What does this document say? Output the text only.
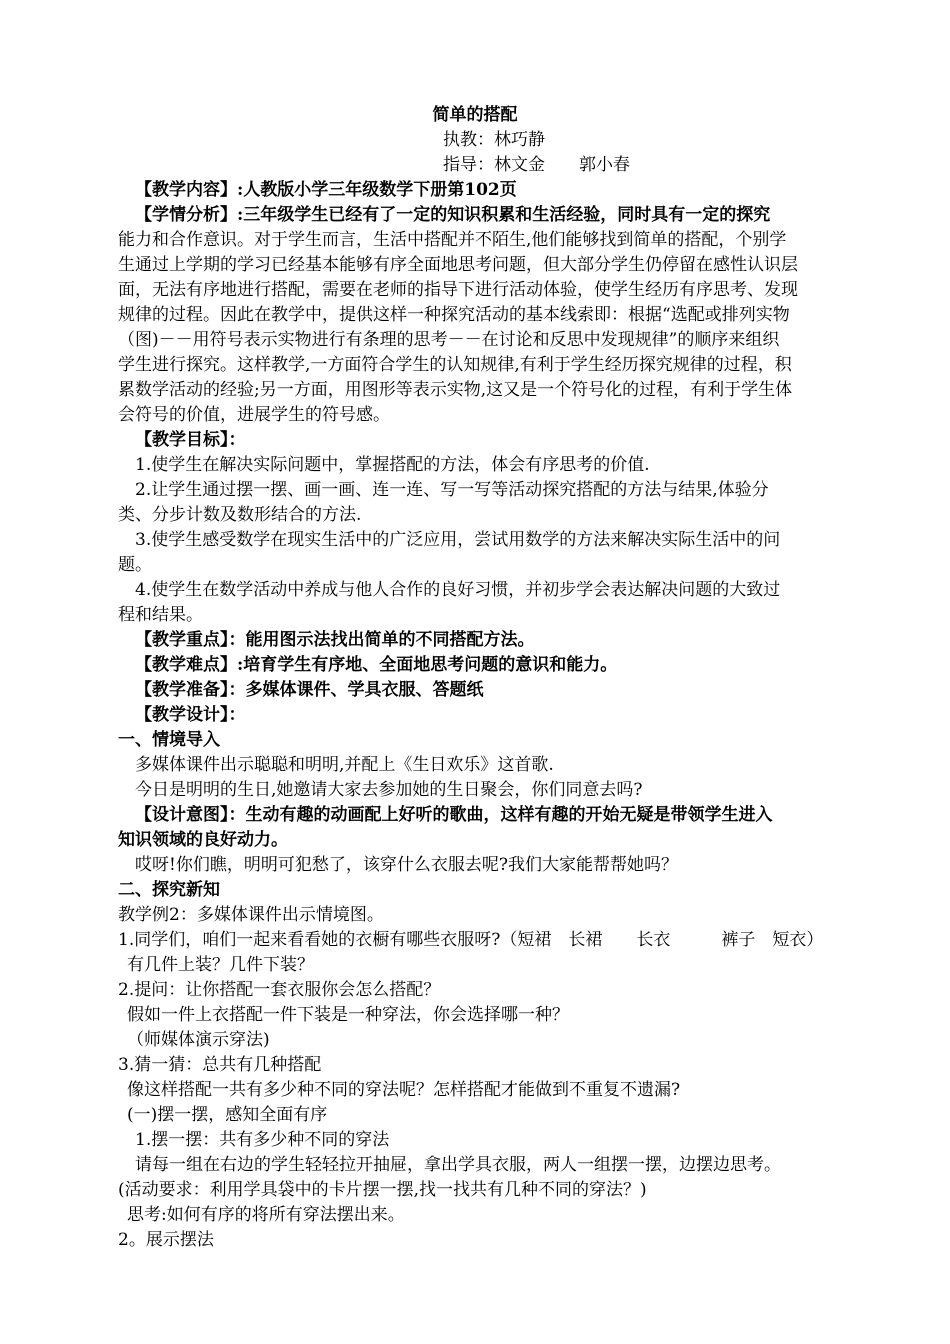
简单的搭配
执教：林巧静
指导：林文金　　郭小春
【教学内容】:人教版小学三年级数学下册第102页
【学情分析】:三年级学生已经有了一定的知识积累和生活经验，同时具有一定的探究
能力和合作意识。对于学生而言，生活中搭配并不陌生,他们能够找到简单的搭配，个别学
生通过上学期的学习已经基本能够有序全面地思考问题，但大部分学生仍停留在感性认识层
面，无法有序地进行搭配，需要在老师的指导下进行活动体验，使学生经历有序思考、发现
规律的过程。因此在教学中，提供这样一种探究活动的基本线索即：根据“选配或排列实物
（图)－－用符号表示实物进行有条理的思考－－在讨论和反思中发现规律”的顺序来组织
学生进行探究。这样教学,一方面符合学生的认知规律,有利于学生经历探究规律的过程，积
累数学活动的经验;另一方面，用图形等表示实物,这又是一个符号化的过程，有利于学生体
会符号的价值，进展学生的符号感。
【教学目标】：
1.使学生在解决实际问题中，掌握搭配的方法，体会有序思考的价值.
2.让学生通过摆一摆、画一画、连一连、写一写等活动探究搭配的方法与结果,体验分
类、分步计数及数形结合的方法.
3.使学生感受数学在现实生活中的广泛应用，尝试用数学的方法来解决实际生活中的问
题。
4.使学生在数学活动中养成与他人合作的良好习惯，并初步学会表达解决问题的大致过
程和结果。
【教学重点】：能用图示法找出简单的不同搭配方法。
【教学难点】:培育学生有序地、全面地思考问题的意识和能力。
【教学准备】：多媒体课件、学具衣服、答题纸
【教学设计】：
一、情境导入
多媒体课件出示聪聪和明明,并配上《生日欢乐》这首歌.
今日是明明的生日,她邀请大家去参加她的生日聚会，你们同意去吗?
【设计意图】：生动有趣的动画配上好听的歌曲，这样有趣的开始无疑是带领学生进入
知识领域的良好动力。
哎呀!你们瞧，明明可犯愁了，该穿什么衣服去呢?我们大家能帮帮她吗？
二、探究新知
教学例2：多媒体课件出示情境图。
1.同学们，咱们一起来看看她的衣橱有哪些衣服呀?（短裙　长裙　　长衣　　　裤子　短衣）
有几件上装？几件下装？
2.提问：让你搭配一套衣服你会怎么搭配？
假如一件上衣搭配一件下装是一种穿法，你会选择哪一种？
（师媒体演示穿法)
3.猜一猜：总共有几种搭配
像这样搭配一共有多少种不同的穿法呢？怎样搭配才能做到不重复不遗漏?
(一)摆一摆，感知全面有序
1.摆一摆：共有多少种不同的穿法
请每一组在右边的学生轻轻拉开抽屉，拿出学具衣服，两人一组摆一摆，边摆边思考。
(活动要求：利用学具袋中的卡片摆一摆,找一找共有几种不同的穿法？)
思考:如何有序的将所有穿法摆出来。
2。展示摆法
